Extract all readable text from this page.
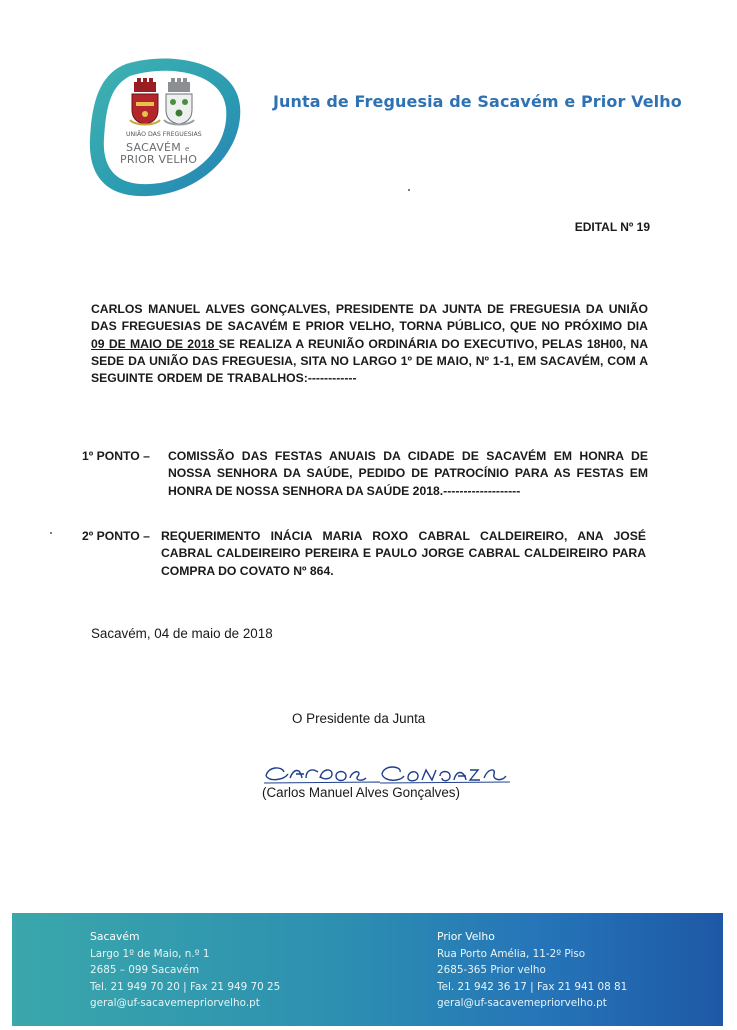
UNIÃO DAS FREGUESIAS
SACAVÉM e
PRIOR VELHO
Junta de Freguesia de Sacavém e Prior Velho
EDITAL Nº 19
CARLOS MANUEL ALVES GONÇALVES, PRESIDENTE DA JUNTA DE FREGUESIA DA UNIÃO DAS FREGUESIAS DE SACAVÉM E PRIOR VELHO, TORNA PÚBLICO, QUE NO PRÓXIMO DIA 09 DE MAIO DE 2018 SE REALIZA A REUNIÃO ORDINÁRIA DO EXECUTIVO, PELAS 18H00, NA SEDE DA UNIÃO DAS FREGUESIA, SITA NO LARGO 1º DE MAIO, Nº 1-1, EM SACAVÉM, COM A SEGUINTE ORDEM DE TRABALHOS:------------
1º PONTO – COMISSÃO DAS FESTAS ANUAIS DA CIDADE DE SACAVÉM EM HONRA DE NOSSA SENHORA DA SAÚDE, PEDIDO DE PATROCÍNIO PARA AS FESTAS EM HONRA DE NOSSA SENHORA DA SAÚDE 2018.-------------------
2º PONTO – REQUERIMENTO INÁCIA MARIA ROXO CABRAL CALDEIREIRO, ANA JOSÉ CABRAL CALDEIREIRO PEREIRA E PAULO JORGE CABRAL CALDEIREIRO PARA COMPRA DO COVATO Nº 864.
Sacavém, 04 de maio de 2018
O Presidente da Junta
(Carlos Manuel Alves Gonçalves)
Sacavém
Largo 1º de Maio, n.º 1
2685 – 099 Sacavém
Tel. 21 949 70 20 | Fax 21 949 70 25
geral@uf-sacavemepriorvelho.pt
Prior Velho
Rua Porto Amélia, 11-2º Piso
2685-365 Prior velho
Tel. 21 942 36 17 | Fax 21 941 08 81
geral@uf-sacavemepriorvelho.pt
